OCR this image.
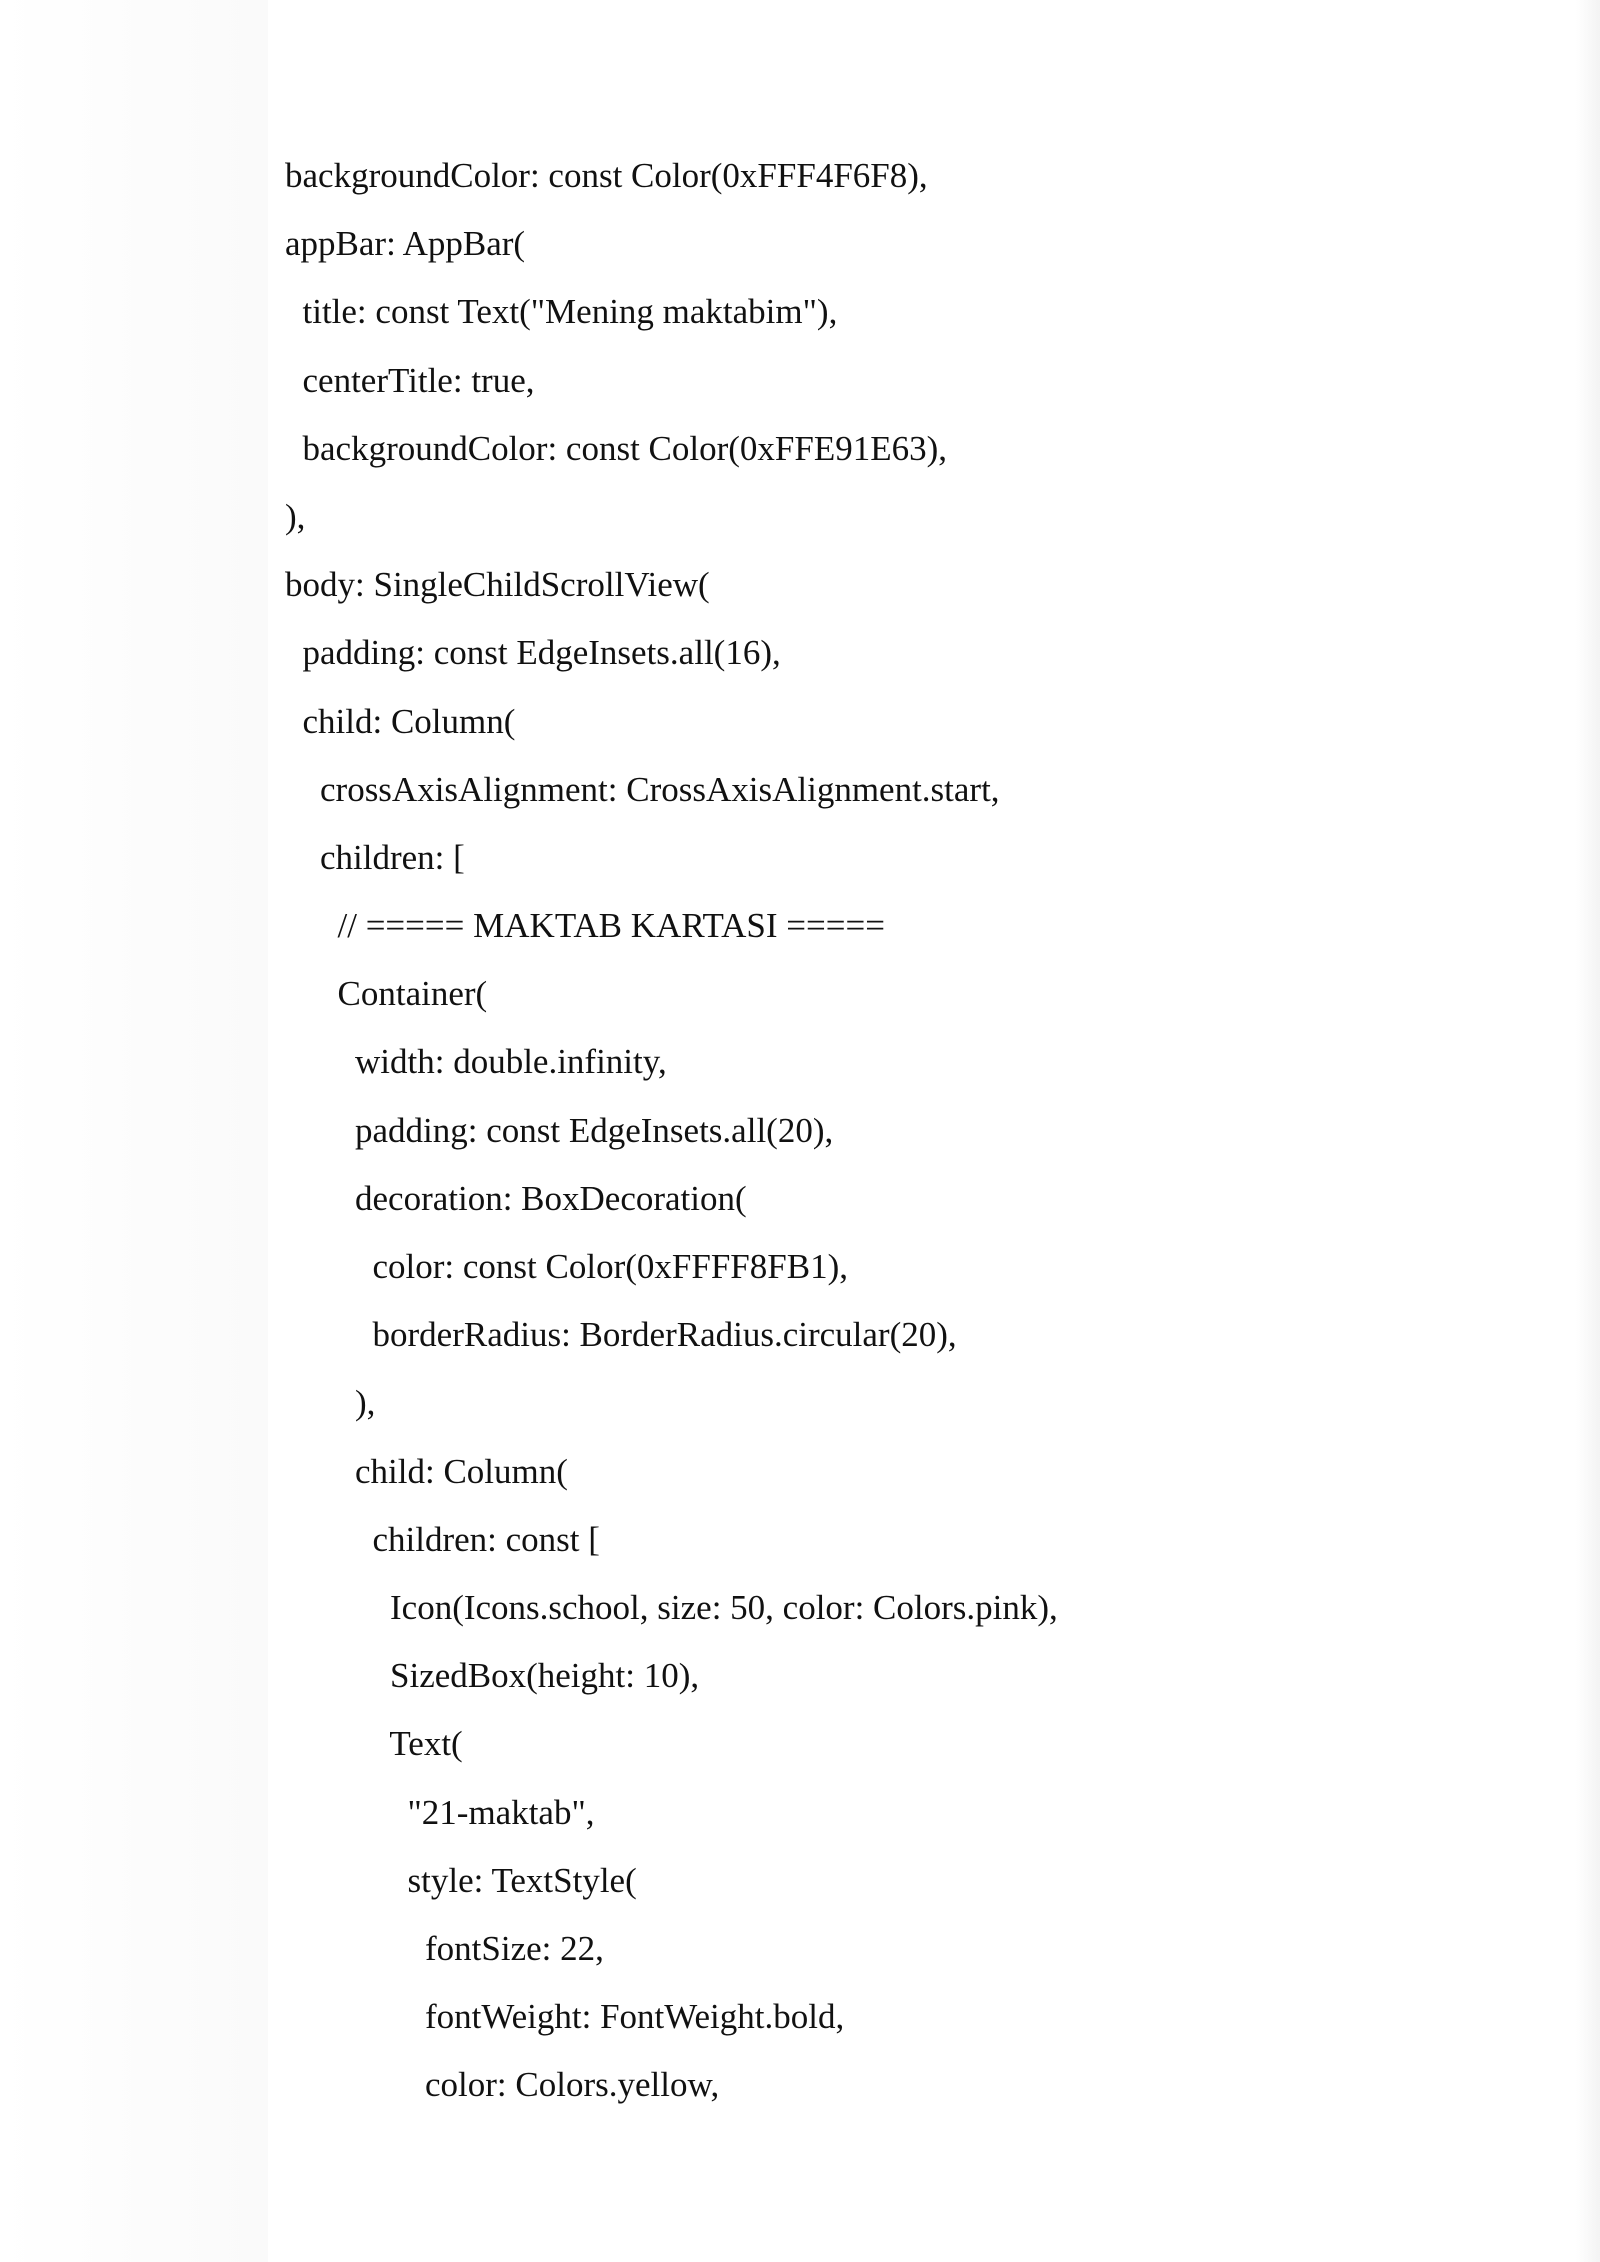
backgroundColor: const Color(0xFFF4F6F8),
appBar: AppBar(
title: const Text("Mening maktabim"),
centerTitle: true,
backgroundColor: const Color(0xFFE91E63),
),
body: SingleChildScrollView(
padding: const EdgeInsets.all(16),
child: Column(
crossAxisAlignment: CrossAxisAlignment.start,
children: [
// ===== MAKTAB KARTASI =====
Container(
width: double.infinity,
padding: const EdgeInsets.all(20),
decoration: BoxDecoration(
color: const Color(0xFFFF8FB1),
borderRadius: BorderRadius.circular(20),
),
child: Column(
children: const [
Icon(Icons.school, size: 50, color: Colors.pink),
SizedBox(height: 10),
Text(
"21-maktab",
style: TextStyle(
fontSize: 22,
fontWeight: FontWeight.bold,
color: Colors.yellow,
